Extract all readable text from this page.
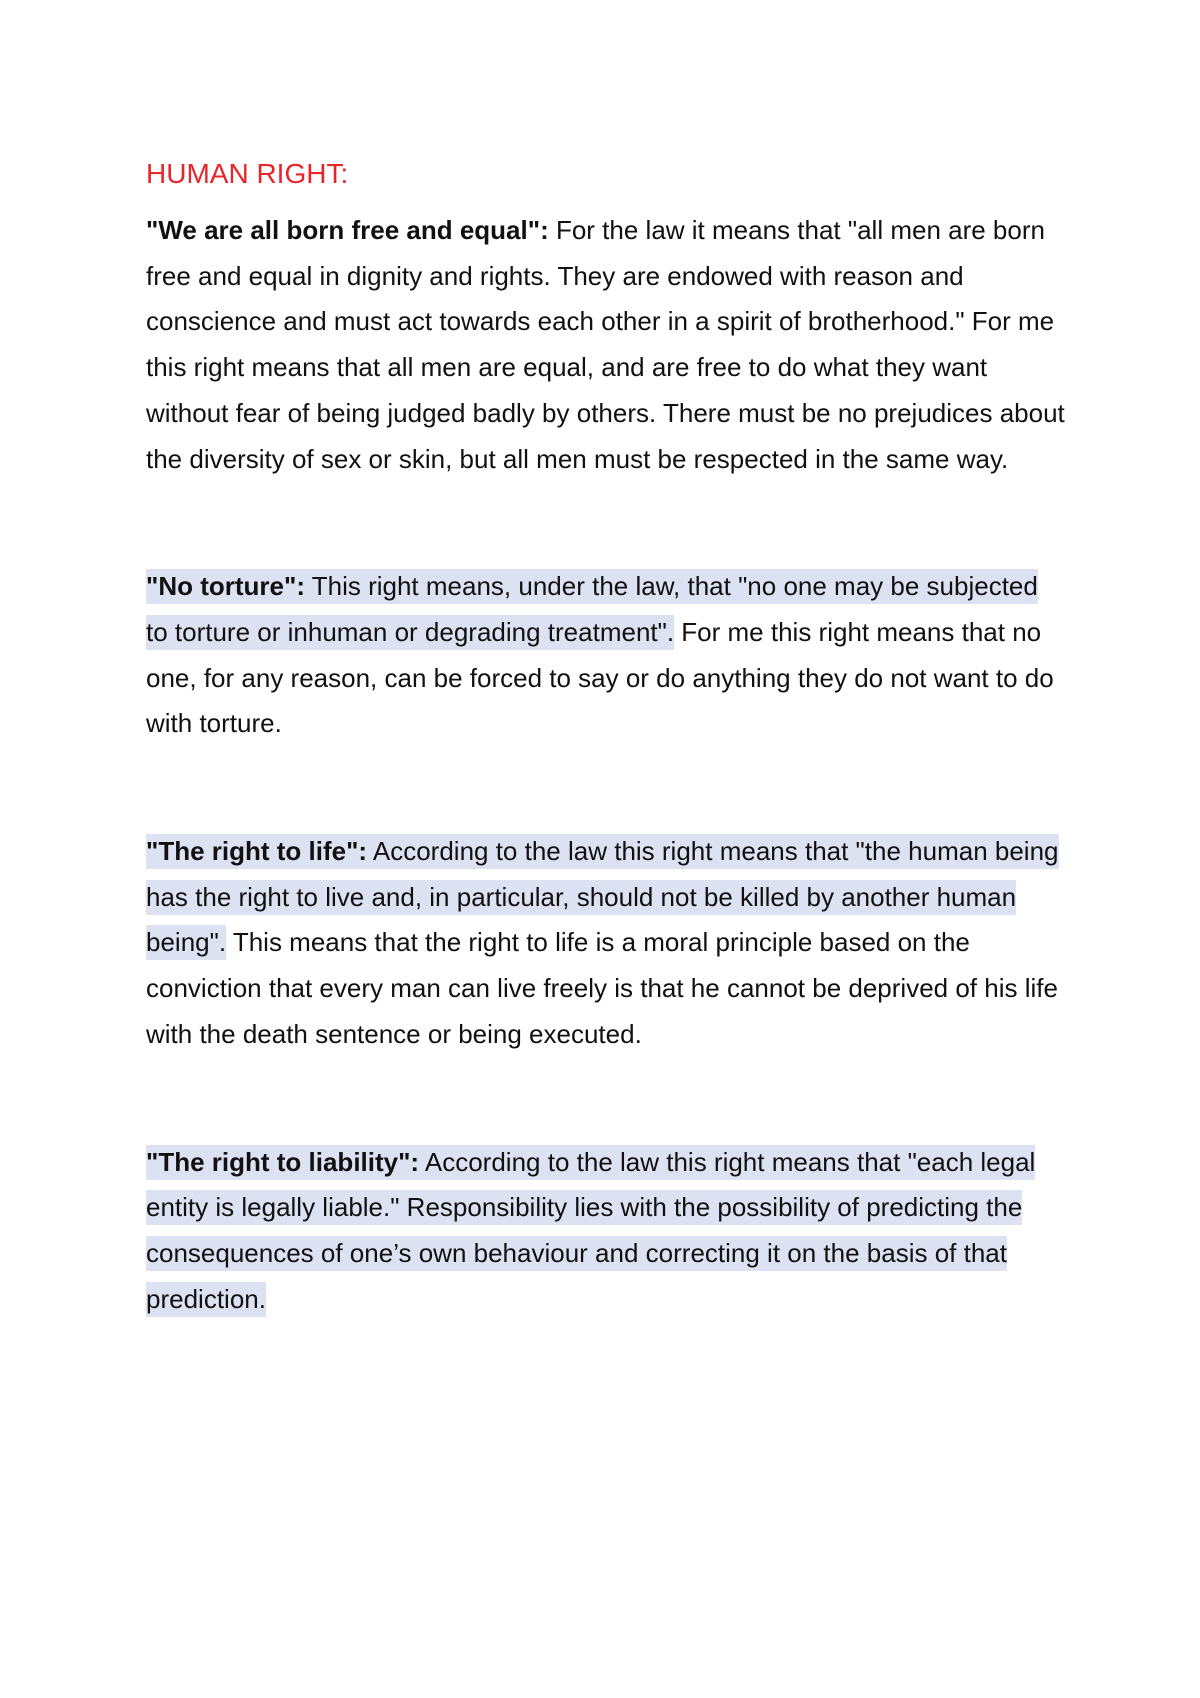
HUMAN RIGHT:

"We are all born free and equal": For the law it means that "all men are born free and equal in dignity and rights. They are endowed with reason and conscience and must act towards each other in a spirit of brotherhood." For me this right means that all men are equal, and are free to do what they want without fear of being judged badly by others. There must be no prejudices about the diversity of sex or skin, but all men must be respected in the same way.

"No torture": This right means, under the law, that "no one may be subjected to torture or inhuman or degrading treatment". For me this right means that no one, for any reason, can be forced to say or do anything they do not want to do with torture.

"The right to life": According to the law this right means that "the human being has the right to live and, in particular, should not be killed by another human being". This means that the right to life is a moral principle based on the conviction that every man can live freely is that he cannot be deprived of his life with the death sentence or being executed.

"The right to liability": According to the law this right means that "each legal entity is legally liable." Responsibility lies with the possibility of predicting the consequences of one’s own behaviour and correcting it on the basis of that prediction.
